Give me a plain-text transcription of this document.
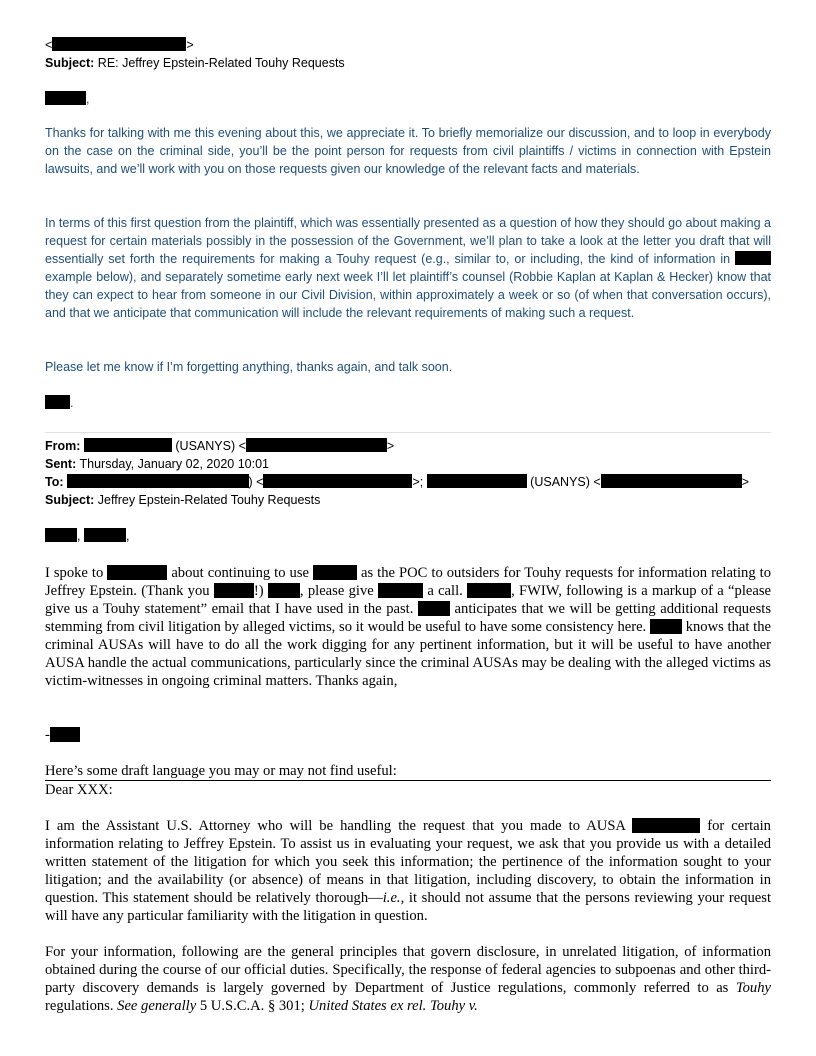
<	>

Subject: RE: Jeffrey Epstein-Related Touhy Requests

,

Thanks for talking with me this evening about this, we appreciate it. To briefly memorialize our discussion, and to loop in everybody on the case on the criminal side, you’ll be the point person for requests from civil plaintiffs / victims in connection with Epstein lawsuits, and we’ll work with you on those requests given our knowledge of the relevant facts and materials.

In terms of this first question from the plaintiff, which was essentially presented as a question of how they should go about making a request for certain materials possibly in the possession of the Government, we’ll plan to take a look at the letter you draft that will essentially set forth the requirements for making a Touhy request (e.g., similar to, or including, the kind of information in  example below), and separately sometime early next week I’ll let plaintiff’s counsel (Robbie Kaplan at Kaplan & Hecker) know that they can expect to hear from someone in our Civil Division, within approximately a week or so (of when that conversation occurs), and that we anticipate that communication will include the relevant requirements of making such a request.

Please let me know if I’m forgetting anything, thanks again, and talk soon.

.

From:	(USANYS) <	>

Sent: Thursday, January 02, 2020 10:01

To:	) <	>;	(USANYS) <	>

Subject: Jeffrey Epstein-Related Touhy Requests

,	,

I spoke to	about continuing to use	as the POC to outsiders for Touhy requests for information relating to Jeffrey Epstein. (Thank you	!) , please give	a call.	, FWIW, following is a markup of a “please give us a Touhy statement” email that I have used in the past.	anticipates that we will be getting additional requests stemming from civil litigation by alleged victims, so it would be useful to have some consistency here.	knows that the criminal AUSAs will have to do all the work digging for any pertinent information, but it will be useful to have another AUSA handle the actual communications, particularly since the criminal AUSAs may be dealing with the alleged victims as victim-witnesses in ongoing criminal matters. Thanks again,

-

Here’s some draft language you may or may not find useful:

Dear XXX:

I am the Assistant U.S. Attorney who will be handling the request that you made to AUSA	for certain information relating to Jeffrey Epstein. To assist us in evaluating your request, we ask that you provide us with a detailed written statement of the litigation for which you seek this information; the pertinence of the information sought to your litigation; and the availability (or absence) of means in that litigation, including discovery, to obtain the information in question. This statement should be relatively thorough—i.e., it should not assume that the persons reviewing your request will have any particular familiarity with the litigation in question.

For your information, following are the general principles that govern disclosure, in unrelated litigation, of information obtained during the course of our official duties. Specifically, the response of federal agencies to subpoenas and other third-party discovery demands is largely governed by Department of Justice regulations, commonly referred to as Touhy regulations. See generally 5 U.S.C.A. § 301; United States ex rel. Touhy v.
